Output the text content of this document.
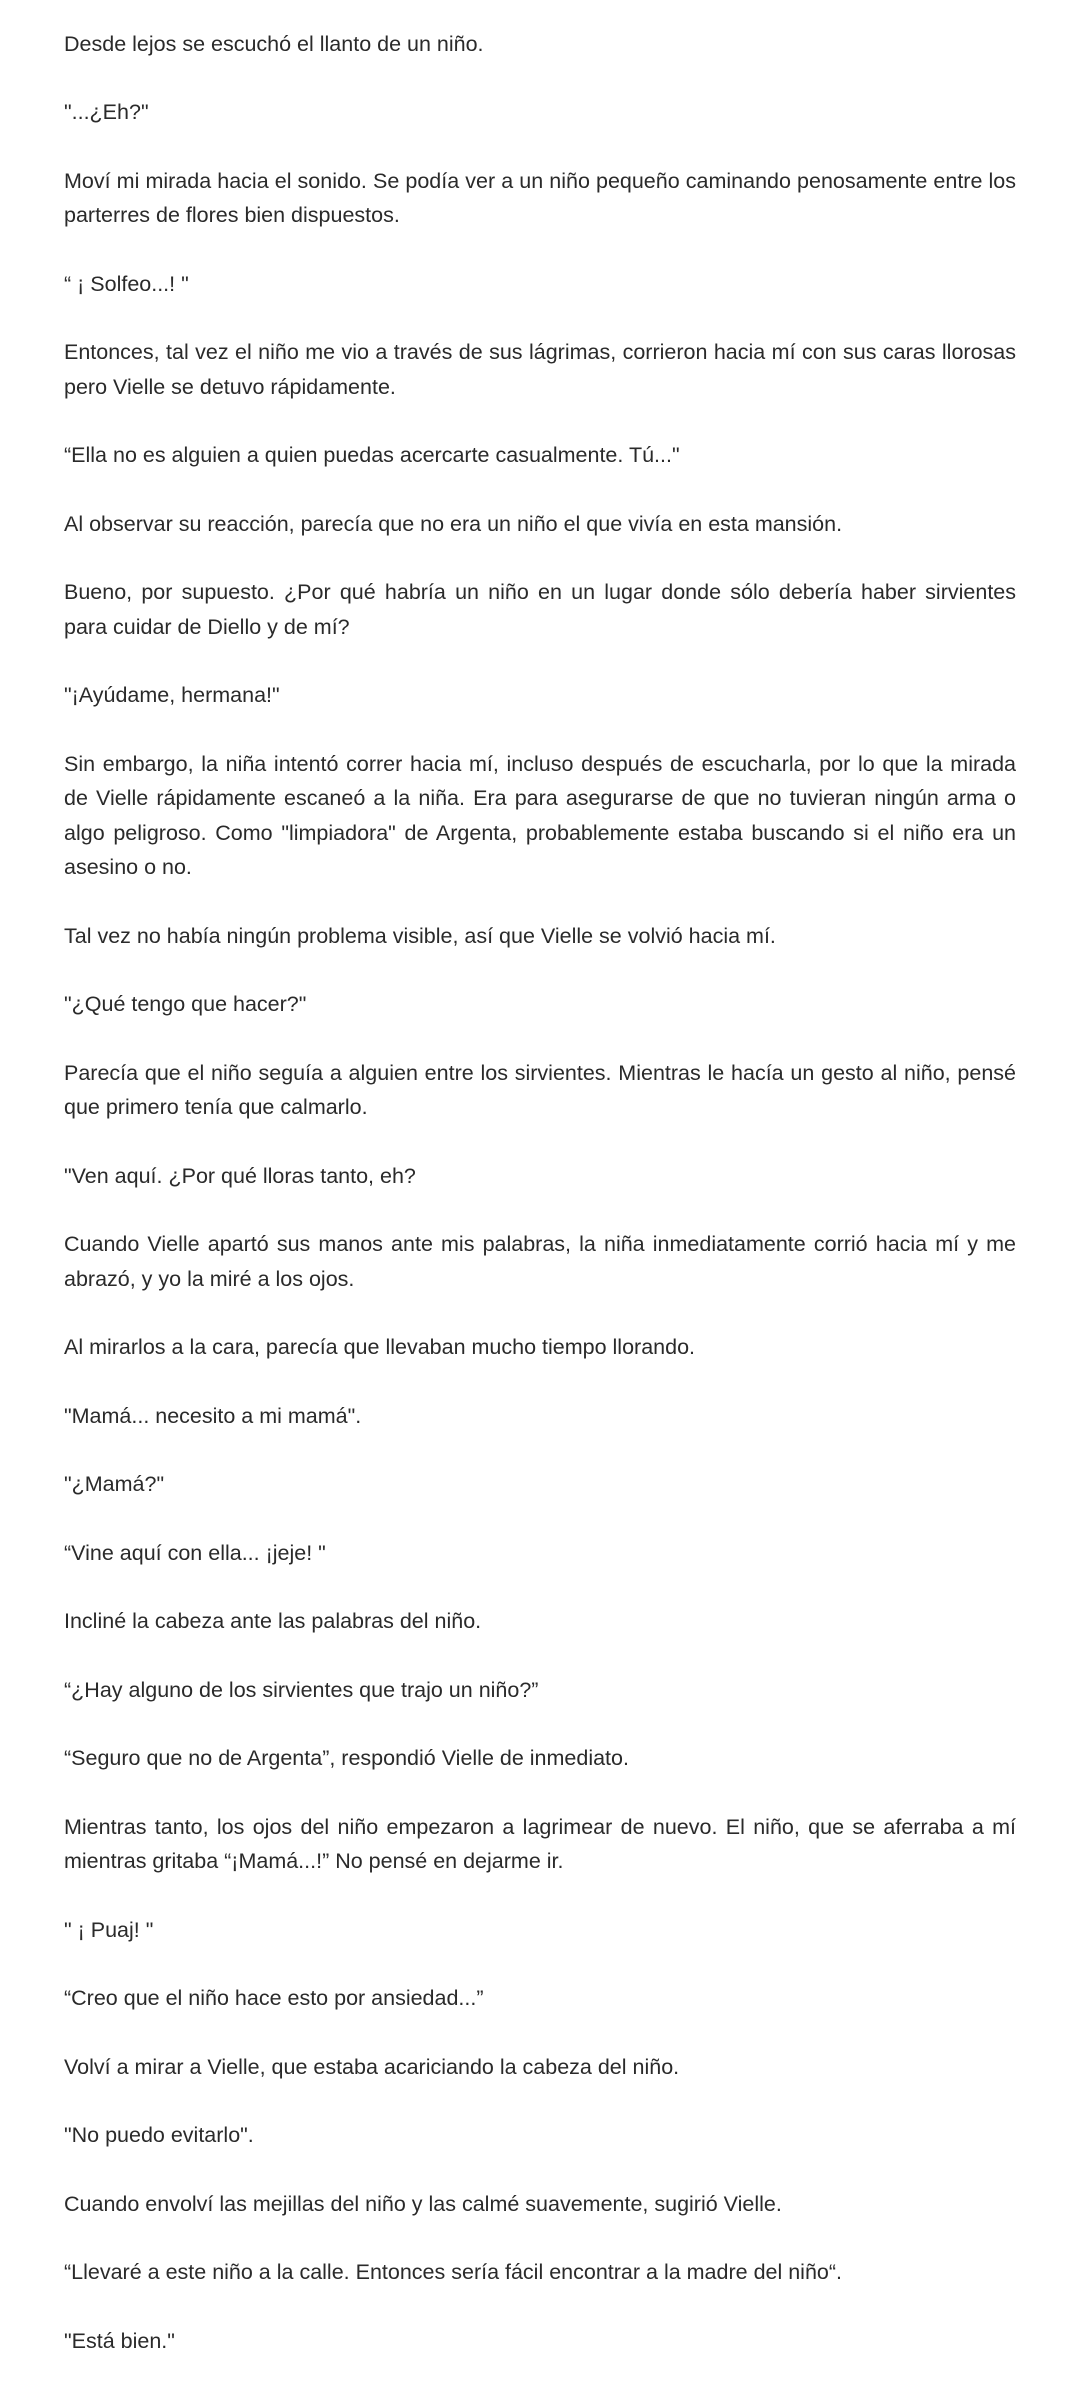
Desde lejos se escuchó el llanto de un niño.

"...¿Eh?"

Moví mi mirada hacia el sonido. Se podía ver a un niño pequeño caminando penosamente entre los parterres de flores bien dispuestos.

“ ¡ Solfeo...! "

Entonces, tal vez el niño me vio a través de sus lágrimas, corrieron hacia mí con sus caras llorosas pero Vielle se detuvo rápidamente.

“Ella no es alguien a quien puedas acercarte casualmente. Tú..."

Al observar su reacción, parecía que no era un niño el que vivía en esta mansión.

Bueno, por supuesto. ¿Por qué habría un niño en un lugar donde sólo debería haber sirvientes para cuidar de Diello y de mí?

"¡Ayúdame, hermana!"

Sin embargo, la niña intentó correr hacia mí, incluso después de escucharla, por lo que la mirada de Vielle rápidamente escaneó a la niña. Era para asegurarse de que no tuvieran ningún arma o algo peligroso. Como "limpiadora" de Argenta, probablemente estaba buscando si el niño era un asesino o no.

Tal vez no había ningún problema visible, así que Vielle se volvió hacia mí.

"¿Qué tengo que hacer?"

Parecía que el niño seguía a alguien entre los sirvientes. Mientras le hacía un gesto al niño, pensé que primero tenía que calmarlo.

"Ven aquí. ¿Por qué lloras tanto, eh?

Cuando Vielle apartó sus manos ante mis palabras, la niña inmediatamente corrió hacia mí y me abrazó, y yo la miré a los ojos.

Al mirarlos a la cara, parecía que llevaban mucho tiempo llorando.

"Mamá... necesito a mi mamá".

"¿Mamá?"

“Vine aquí con ella... ¡jeje! "

Incliné la cabeza ante las palabras del niño.

“¿Hay alguno de los sirvientes que trajo un niño?”

“Seguro que no de Argenta”, respondió Vielle de inmediato.

Mientras tanto, los ojos del niño empezaron a lagrimear de nuevo. El niño, que se aferraba a mí mientras gritaba “¡Mamá...!” No pensé en dejarme ir.

" ¡ Puaj! "

“Creo que el niño hace esto por ansiedad...”

Volví a mirar a Vielle, que estaba acariciando la cabeza del niño.

"No puedo evitarlo".

Cuando envolví las mejillas del niño y las calmé suavemente, sugirió Vielle.

“Llevaré a este niño a la calle. Entonces sería fácil encontrar a la madre del niño“.

"Está bien."
